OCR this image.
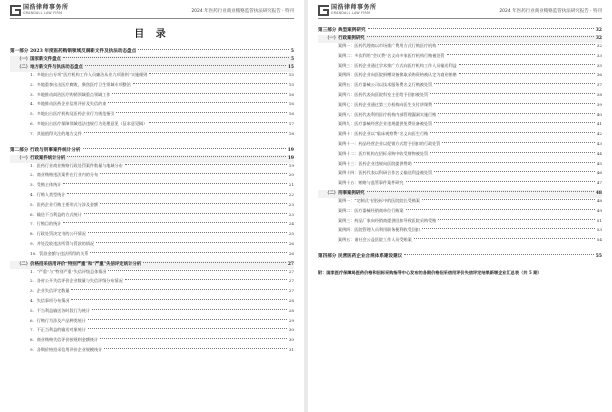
国浩律师事务所
GRANDALL LAW FIRM	2024 年医药行业商业贿赂监管执法研究报告 · 特刊
目 录
第一部分 2023 年度医药购销领域反腐新文件及执法动态盘点	5
（一）国家新文件盘点	5
（二）地方新文件与执法动态盘点	15
1．多地出台专项“医疗机构工作人员廉洁从业九项准则”实施细则	15
2．多地重拳出击医疗腐败，聚焦医疗卫生领域专项整治	15
3．多地推动纠治医疗购销领域重点领域工作	16
4．多地推动医药企业信用评价及失信约束	16
5．多地出台医疗机构及医药企业行为规范指引	16
6．多地出台医疗保障领域违法违规行为处理意见（征求意见稿）	17
7．其他值得关注的地方文件	18
第二部分 行政与刑事案件统计分析	19
（一）行政案件统计分析	19
1．医药行业商业贿赂行政处罚案件数量与地域分布	19
2．商业贿赂违法案件在行业内的分布	20
3．受贿主体统计	21
4．行贿人类型统计	22
5．医药企业行贿主要形式与涉及金额	23
6．输送不当利益的方式统计	23
7．行贿目的统计	24
8．行政处罚决定书的公开情况	25
9．并处没收违法所得与罚款的情况	26
10．罚款金额与违法所得的关系	26
（二）价格招采信用评价“特别严重”和“严重”失信评定统计分析	27
1．“严重”与“特别严重”失信评级总体情况	27
2．各省公开失信评价企业数量与失信评级分布情况	27
3．企业失信评定数量	27
4．失信事项分布情况	28
5．不当利益输送各时段行为统计	28
6．行贿行为涉及产品种类统计	29
7．不正当利益的输送对象统计	30
8．商业贿赂失信评价按规则金额统计	30
9．各期价格招采信用评价企业规模统计	31
国浩律师事务所
GRANDALL LAW FIRM	2024 年医药行业商业贿赂监管执法研究报告 · 特刊
第三部分 典型案例研究	32
（一）行政案例研究	32
案例一：医药代理商以市场推广费用方式行贿医疗机构	32
案例二：多次利用“会议费”名义向多家医疗机构行贿被处罚	33
案例三：医药企业通过学术推广方式向医疗机构工作人员输送利益	35
案例四：医药企业向医院捐赠设备换取采购资格被认定为商业贿赂	36
案例五：医疗器械公司以技术服务费名义行贿被处罚	37
案例六：医药代表向医院科室主任给予回扣被处罚	38
案例七：医药企业通过第三方机构向医生支付讲课费	39
案例八：医药代表利用医疗机构内部管理漏洞实施行贿	40
案例九：医疗器械经营企业违规提供免费设备被处罚	41
案例十：医药企业以“临床观察费”名义向医生行贿	42
案例十一：药品经营企业以促销方式给予回扣的行政处罚	43
案例十二：医疗机构在招标采购中收受财物被处罚	44
案例十三：医药企业违规向医院提供赞助	45
案例十四：医药代表以科研合作名义输送利益被处罚	46
案例十五：贿赂与监管事件案件研究	47
（二）刑事案例研究	48
案例一：“定制式”招投标中的医院院长受贿案	48
案例二：医疗器械经销商单位行贿案	49
案例三：药品厂家向经销商提供回扣导致医院采购受贿	51
案例四：医院管理人员利用职务便利收受回扣	53
案例五：诸社会公益医院工作人员受贿案	54
第四部分 民营医药企业合规体系建设建议	55
附：国家医疗保障局医药价格和招标采购指导中心发布的各期价格招采信用评价失信评定结果新增企业汇总表（共 5 期）
